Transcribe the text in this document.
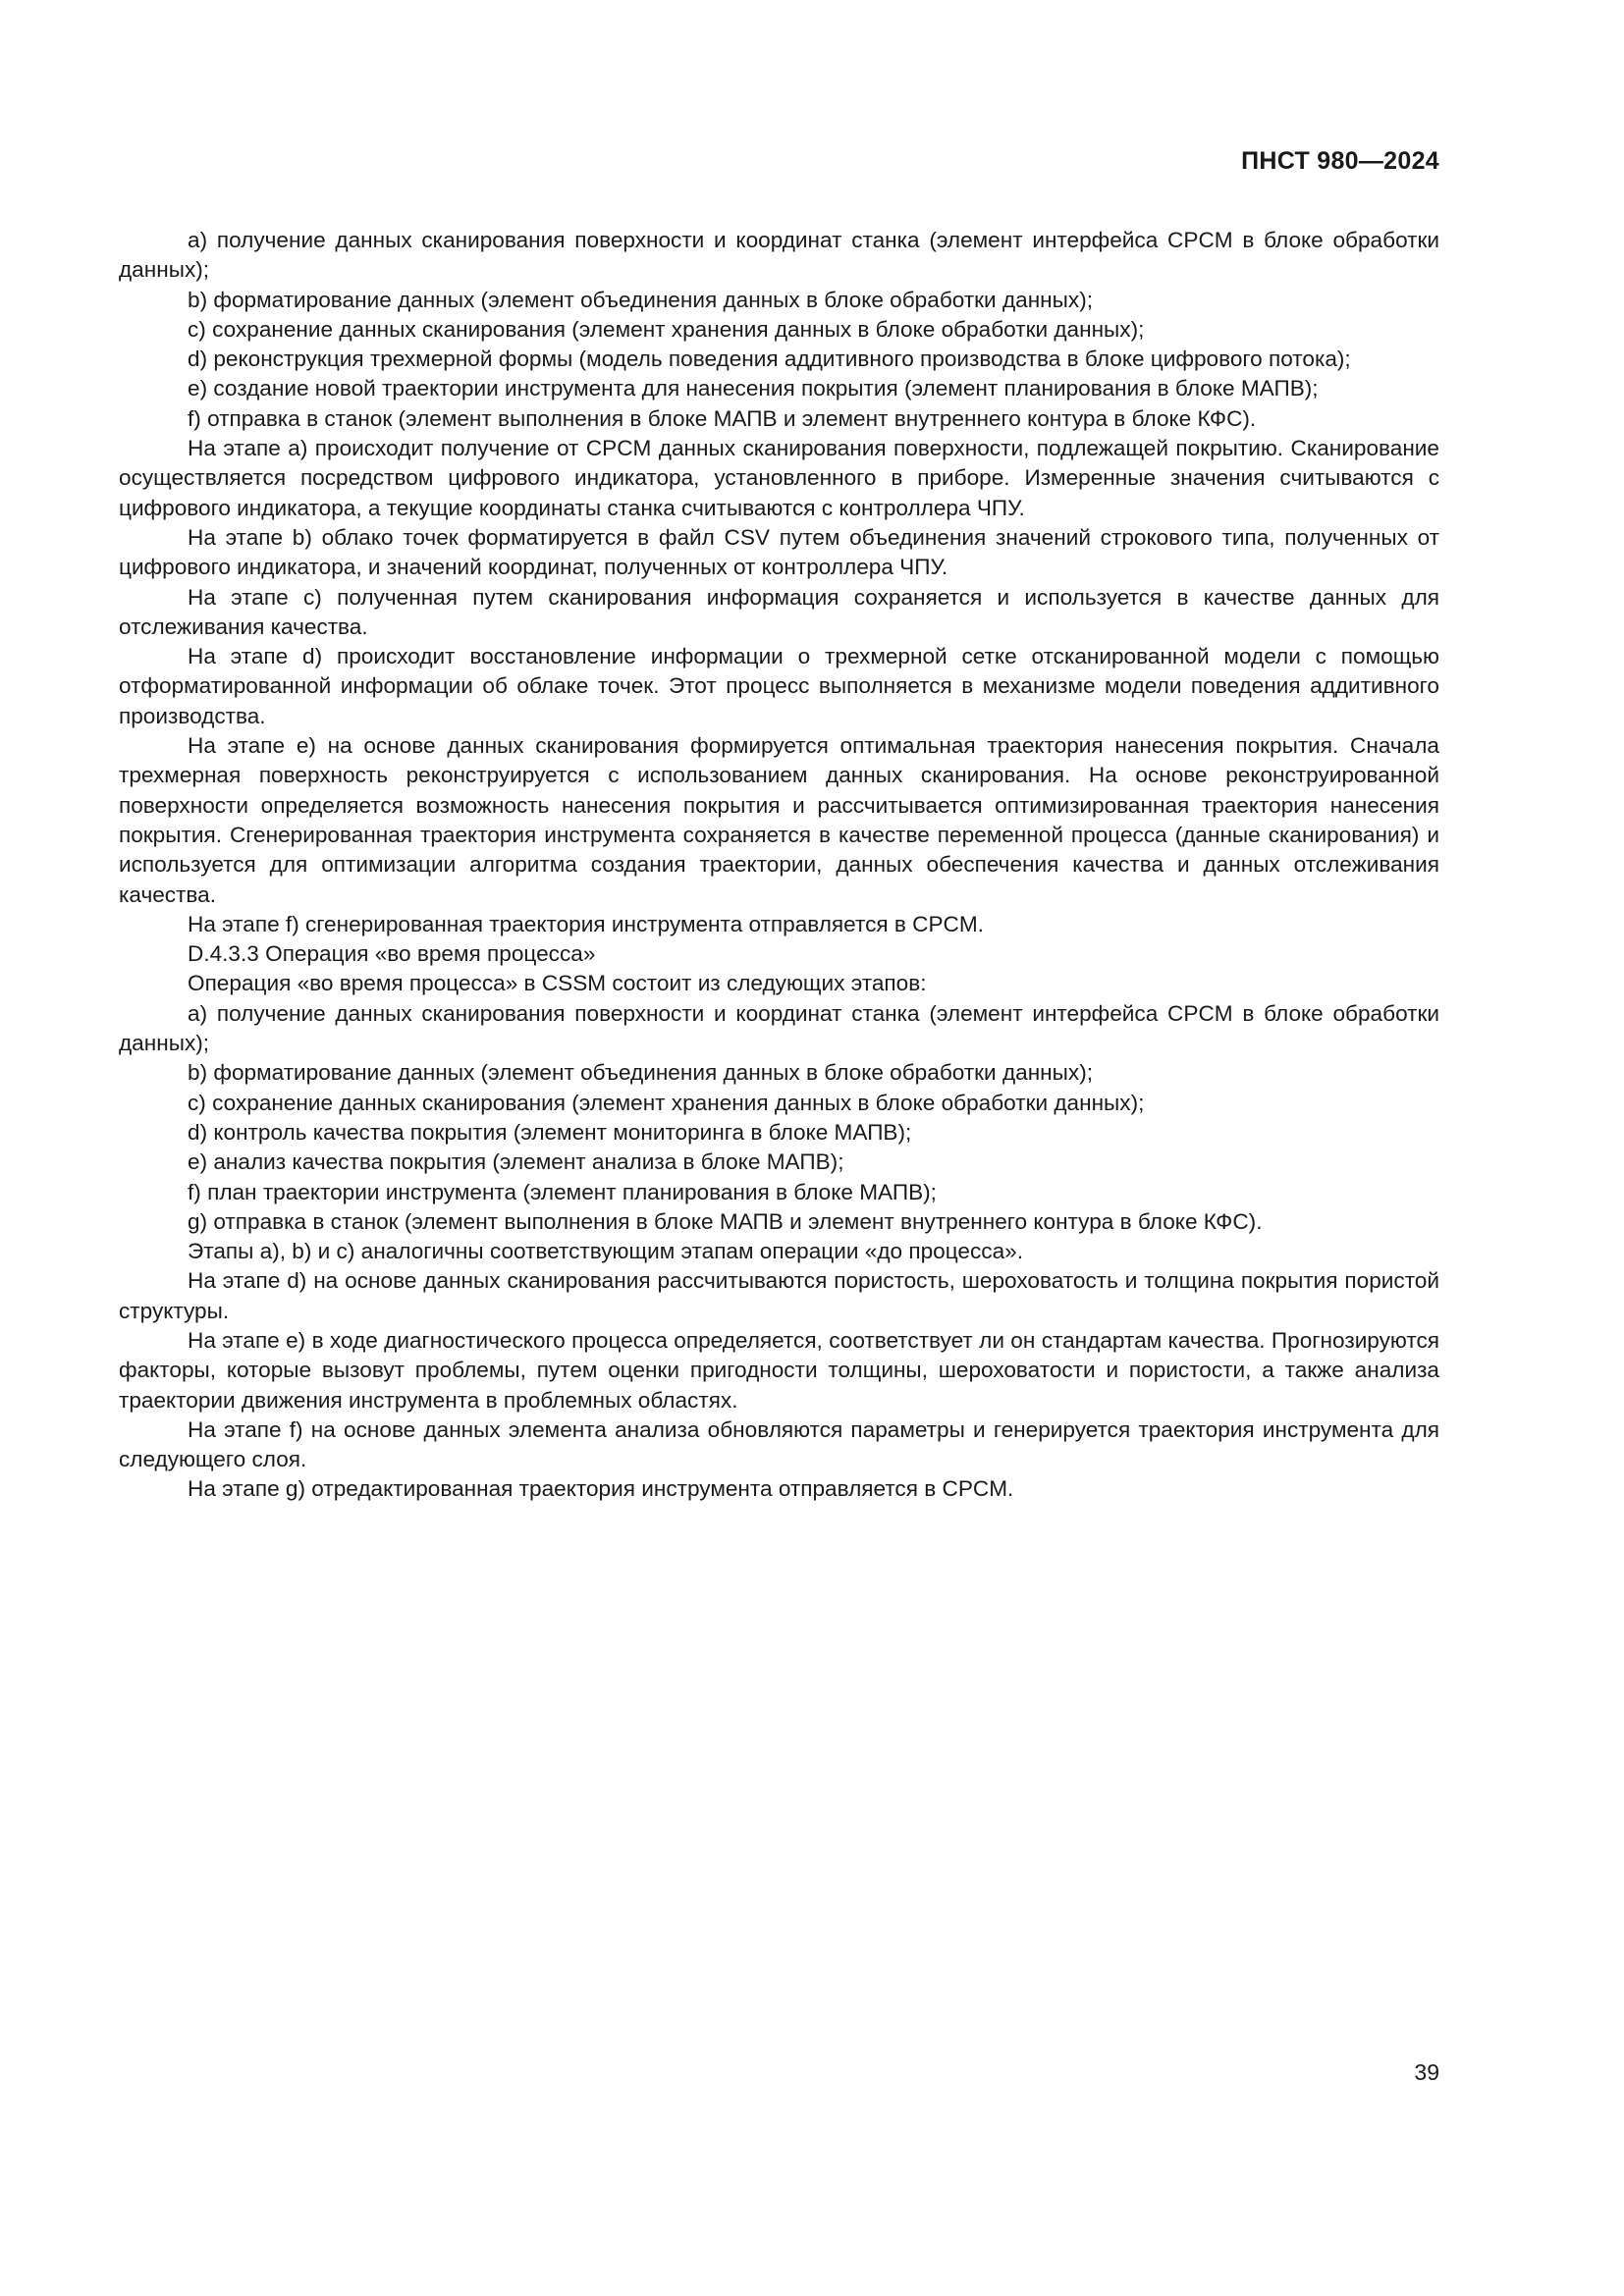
ПНСТ 980—2024

a) получение данных сканирования поверхности и координат станка (элемент интерфейса CPCM в блоке обработки данных);

b) форматирование данных (элемент объединения данных в блоке обработки данных);

c) сохранение данных сканирования (элемент хранения данных в блоке обработки данных);

d) реконструкция трехмерной формы (модель поведения аддитивного производства в блоке цифрового потока);

e) создание новой траектории инструмента для нанесения покрытия (элемент планирования в блоке МАПВ);

f) отправка в станок (элемент выполнения в блоке МАПВ и элемент внутреннего контура в блоке КФС).

На этапе a) происходит получение от CPCM данных сканирования поверхности, подлежащей покрытию. Сканирование осуществляется посредством цифрового индикатора, установленного в приборе. Измеренные значения считываются с цифрового индикатора, а текущие координаты станка считываются с контроллера ЧПУ.

На этапе b) облако точек форматируется в файл CSV путем объединения значений строкового типа, полученных от цифрового индикатора, и значений координат, полученных от контроллера ЧПУ.

На этапе c) полученная путем сканирования информация сохраняется и используется в качестве данных для отслеживания качества.

На этапе d) происходит восстановление информации о трехмерной сетке отсканированной модели с помощью отформатированной информации об облаке точек. Этот процесс выполняется в механизме модели поведения аддитивного производства.

На этапе e) на основе данных сканирования формируется оптимальная траектория нанесения покрытия. Сначала трехмерная поверхность реконструируется с использованием данных сканирования. На основе реконструированной поверхности определяется возможность нанесения покрытия и рассчитывается оптимизированная траектория нанесения покрытия. Сгенерированная траектория инструмента сохраняется в качестве переменной процесса (данные сканирования) и используется для оптимизации алгоритма создания траектории, данных обеспечения качества и данных отслеживания качества.

На этапе f) сгенерированная траектория инструмента отправляется в CPCM.

D.4.3.3 Операция «во время процесса»

Операция «во время процесса» в CSSM состоит из следующих этапов:

a) получение данных сканирования поверхности и координат станка (элемент интерфейса CPCM в блоке обработки данных);

b) форматирование данных (элемент объединения данных в блоке обработки данных);

c) сохранение данных сканирования (элемент хранения данных в блоке обработки данных);

d) контроль качества покрытия (элемент мониторинга в блоке МАПВ);

e) анализ качества покрытия (элемент анализа в блоке МАПВ);

f) план траектории инструмента (элемент планирования в блоке МАПВ);

g) отправка в станок (элемент выполнения в блоке МАПВ и элемент внутреннего контура в блоке КФС).

Этапы a), b) и c) аналогичны соответствующим этапам операции «до процесса».

На этапе d) на основе данных сканирования рассчитываются пористость, шероховатость и толщина покрытия пористой структуры.

На этапе e) в ходе диагностического процесса определяется, соответствует ли он стандартам качества. Прогнозируются факторы, которые вызовут проблемы, путем оценки пригодности толщины, шероховатости и пористости, а также анализа траектории движения инструмента в проблемных областях.

На этапе f) на основе данных элемента анализа обновляются параметры и генерируется траектория инструмента для следующего слоя.

На этапе g) отредактированная траектория инструмента отправляется в CPCM.

39
